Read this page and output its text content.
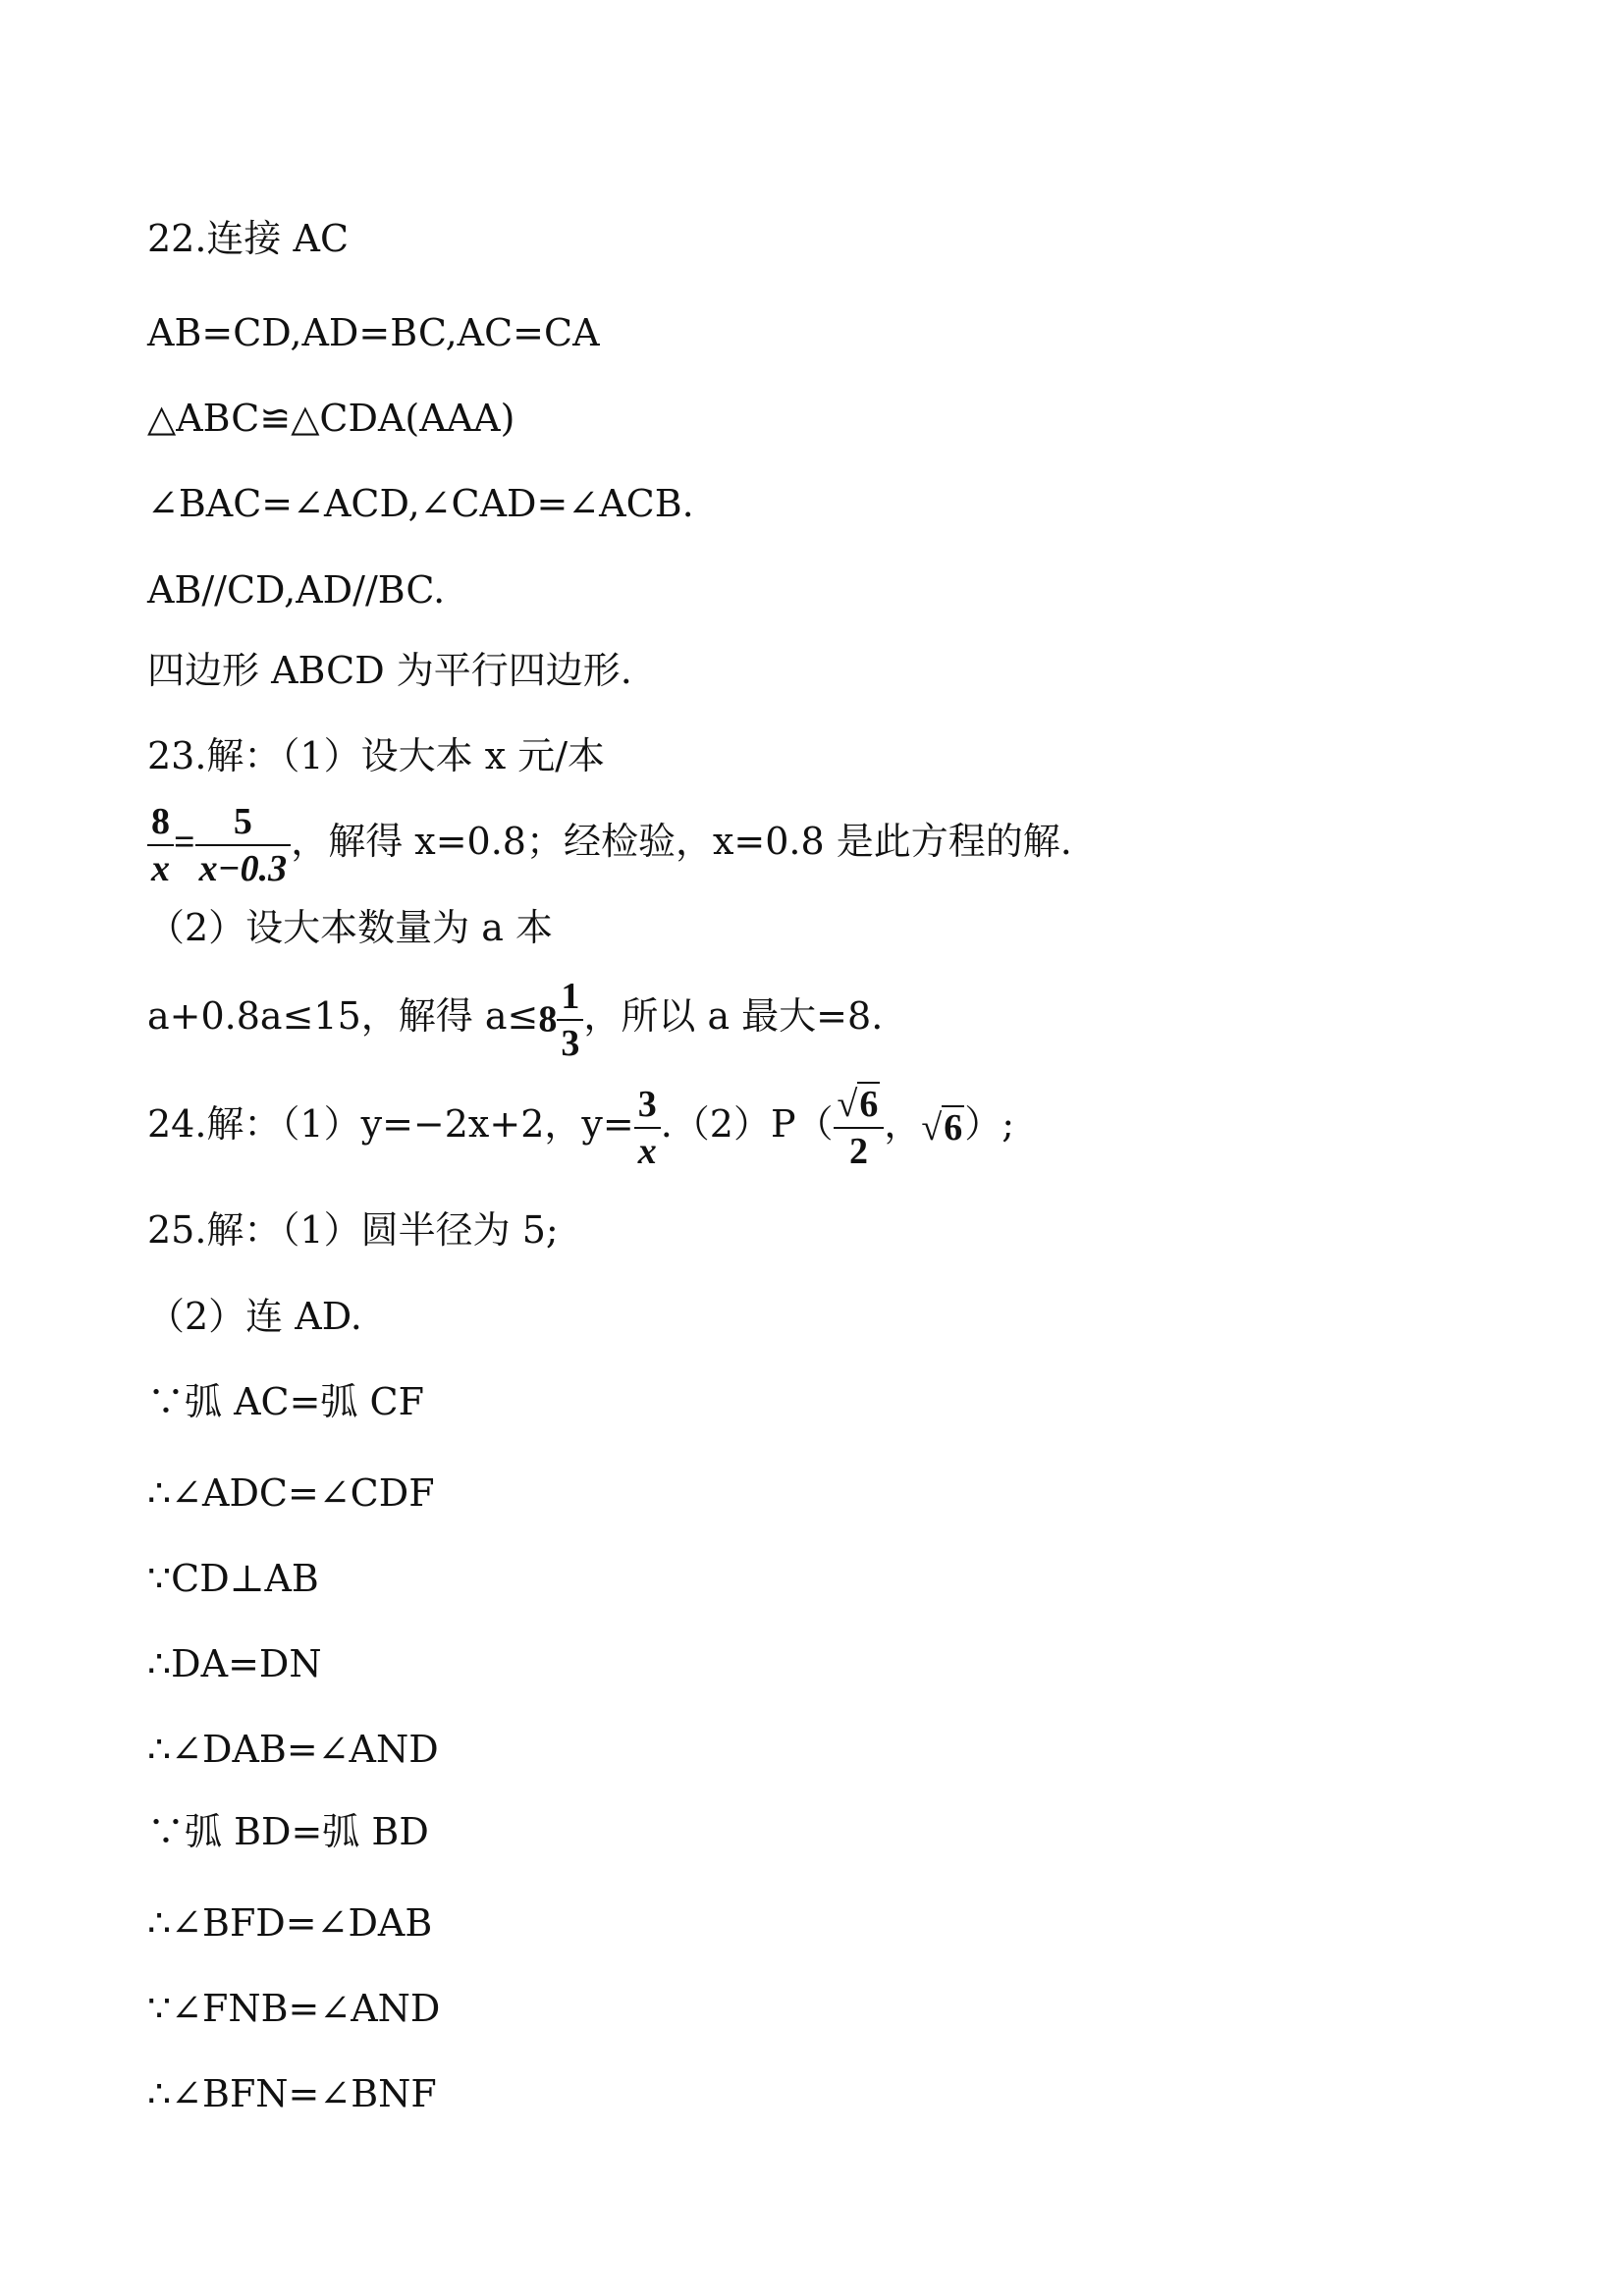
22.连接 AC
AB=CD,AD=BC,AC=CA
△ABC≌△CDA(AAA)
∠BAC=∠ACD,∠CAD=∠ACB.
AB//CD,AD//BC.
四边形 ABCD 为平行四边形.
23.解：（1）设大本 x 元/本
$\frac{8}{x} = \frac{5}{x-0.3}$ ，解得 x=0.8；经检验，x=0.8 是此方程的解.
（2）设大本数量为 a 本
a+0.8a≤15，解得 $a\le 8 \frac{1}{3}$ ，所以 a 最大=8.
24.解：（1）y=−2x+2，$y= \frac{3}{x} .(2)P( \frac{√6}{2}$ ，√6）;
25.解：（1）圆半径为 5;
（2）连 AD.
∵弧 AC=弧 CF
∴∠ADC=∠CDF
∵CD⊥AB
∴DA=DN
∴∠DAB=∠AND
∵弧 BD=弧 BD
∴∠BFD=∠DAB
∵∠FNB=∠AND
∴∠BFN=∠BNF
